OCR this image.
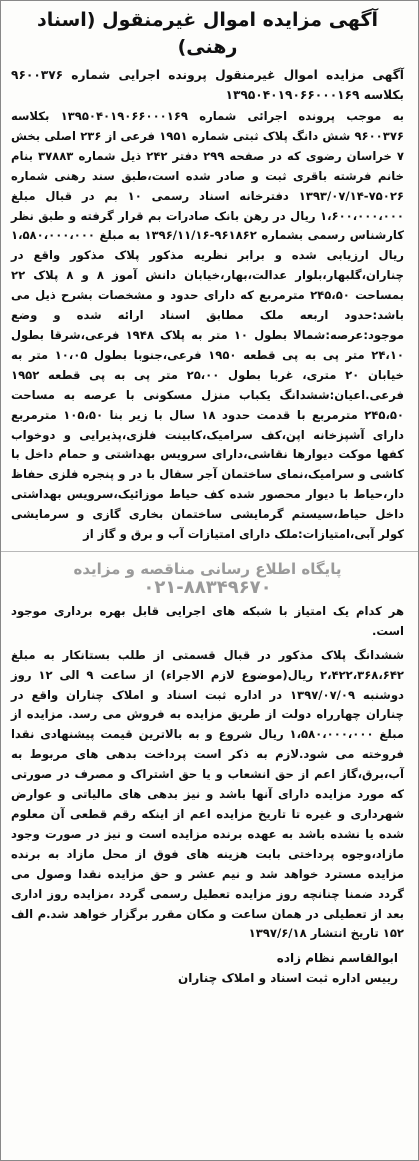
آگهی مزایده اموال غیرمنقول (اسناد رهنی)
آگهی مزایده اموال غیرمنقول پرونده اجرایی شماره ۹۶۰۰۳۷۶ بکلاسه ۱۳۹۵۰۴۰۱۹۰۶۶۰۰۰۱۶۹

به موجب پرونده اجرائی شماره ۱۳۹۵۰۴۰۱۹۰۶۶۰۰۰۱۶۹ بکلاسه ۹۶۰۰۳۷۶ شش دانگ پلاک ثبتی شماره ۱۹۵۱ فرعی از ۲۳۶ اصلی بخش ۷ خراسان رضوی که در صفحه ۲۹۹ دفتر ۲۴۲ ذیل شماره ۳۷۸۸۳ بنام خانم فرشته باقری ثبت و صادر شده است،طبق سند رهنی شماره ۷۵۰۲۶-۱۳۹۳/۰۷/۱۴ دفترخانه اسناد رسمی ۱۰ بم در قبال مبلغ ۱،۶۰۰،۰۰۰،۰۰۰ ریال در رهن بانک صادرات بم قرار گرفته و طبق نظر کارشناس رسمی بشماره ۹۶۱۸۶۲-۱۳۹۶/۱۱/۱۶ به مبلغ ۱،۵۸۰،۰۰۰،۰۰۰ ریال ارزیابی شده و برابر نظریه مذکور پلاک مذکور واقع در چناران،گلبهار،بلوار عدالت،بهار،خیابان دانش آموز ۸ و ۸ پلاک ۲۲ بمساحت ۲۴۵،۵۰ مترمربع که دارای حدود و مشخصات بشرح ذیل می باشد:حدود اربعه ملک مطابق اسناد ارائه شده و وضع موجود:عرصه:شمالا بطول ۱۰ متر به پلاک ۱۹۴۸ فرعی،شرقا بطول ۲۴،۱۰ متر پی به پی قطعه ۱۹۵۰ فرعی،جنوبا بطول ۱۰،۰۵ متر به خیابان ۲۰ متری، غربا بطول ۲۵،۰۰ متر پی به پی قطعه ۱۹۵۲ فرعی.اعیان:ششدانگ یکباب منزل مسکونی با عرصه به مساحت ۲۴۵،۵۰ مترمربع با قدمت حدود ۱۸ سال با زیر بنا ۱۰۵،۵۰ مترمربع دارای آشپزخانه اپن،کف سرامیک،کابینت فلزی،پذیرایی و دوخواب کفها موکت دیوارها نقاشی،دارای سرویس بهداشتی و حمام داخل با کاشی و سرامیک،نمای ساختمان آجر سفال با در و پنجره فلزی حفاظ دار،حیاط با دیوار محصور شده کف حیاط موزائیک،سرویس بهداشتی داخل حیاط،سیستم گرمایشی ساختمان بخاری گازی و سرمایشی کولر آبی،امتیازات:ملک دارای امتیازات آب و برق و گاز از

پایگاه اطلاع رسانی مناقصه و مزایده
۰۲۱-۸۸۳۴۹۶۷۰

هر کدام یک امتیاز با شبکه های اجرایی قابل بهره برداری موجود است.

ششدانگ پلاک مذکور در قبال قسمتی از طلب بستانکار به مبلغ ۲،۴۲۲،۳۶۸،۶۴۲ ریال(موضوع لازم الاجراء) از ساعت ۹ الی ۱۲ روز دوشنبه ۱۳۹۷/۰۷/۰۹ در اداره ثبت اسناد و املاک چناران واقع در چناران چهارراه دولت از طریق مزایده به فروش می رسد. مزایده از مبلغ ۱،۵۸۰،۰۰۰،۰۰۰ ریال شروع و به بالاترین قیمت پیشنهادی نقدا فروخته می شود.لازم به ذکر است پرداخت بدهی های مربوط به آب،برق،گاز اعم از حق انشعاب و یا حق اشتراک و مصرف در صورتی که مورد مزایده دارای آنها باشد و نیز بدهی های مالیاتی و عوارض شهرداری و غیره تا تاریخ مزایده اعم از اینکه رقم قطعی آن معلوم شده یا نشده باشد به عهده برنده مزایده است و نیز در صورت وجود مازاد،وجوه پرداختی بابت هزینه های فوق از محل مازاد به برنده مزایده مسترد خواهد شد و نیم عشر و حق مزایده نقدا وصول می گردد ضمنا چنانچه روز مزایده تعطیل رسمی گردد ،مزایده روز اداری بعد از تعطیلی در همان ساعت و مکان مقرر برگزار خواهد شد.م الف ۱۵۲ تاریخ انتشار ۱۳۹۷/۶/۱۸

ابوالقاسم نظام زاده
رییس اداره ثبت اسناد و املاک چناران
